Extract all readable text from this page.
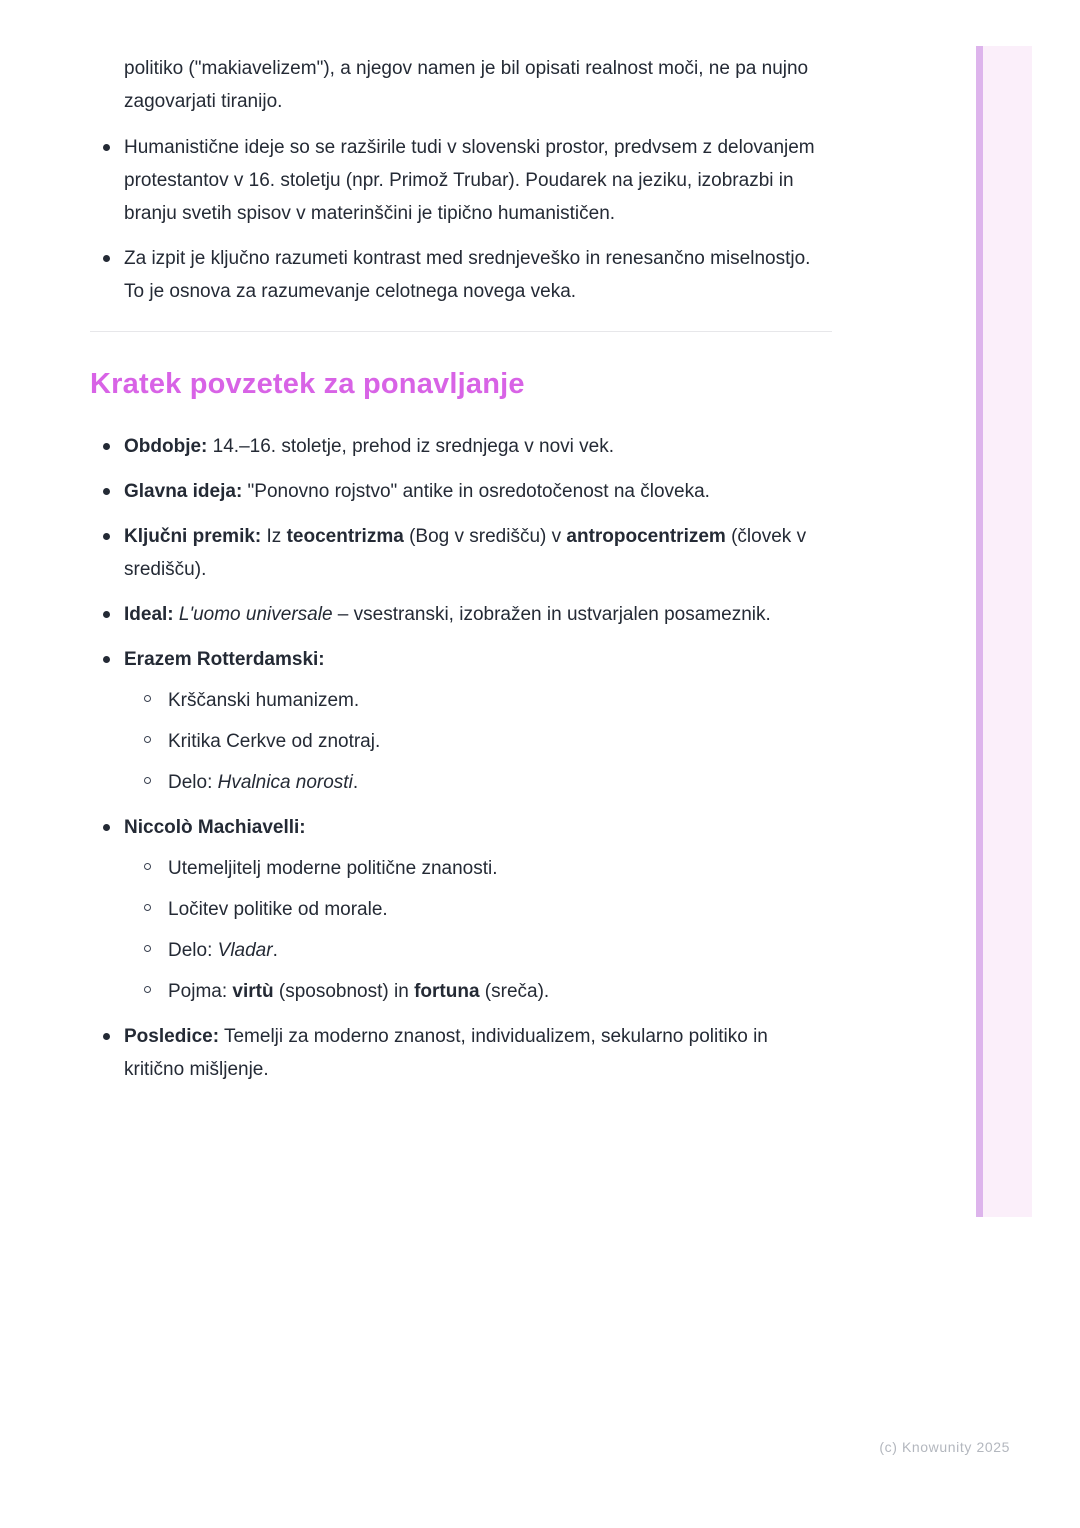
politiko ("makiavelizem"), a njegov namen je bil opisati realnost moči, ne pa nujno zagovarjati tiranijo.

Humanistične ideje so se razširile tudi v slovenski prostor, predvsem z delovanjem protestantov v 16. stoletju (npr. Primož Trubar). Poudarek na jeziku, izobrazbi in branju svetih spisov v materinščini je tipično humanističen.
Za izpit je ključno razumeti kontrast med srednjeveško in renesančno miselnostjo. To je osnova za razumevanje celotnega novega veka.
Kratek povzetek za ponavljanje
Obdobje: 14.–16. stoletje, prehod iz srednjega v novi vek.
Glavna ideja: "Ponovno rojstvo" antike in osredotočenost na človeka.
Ključni premik: Iz teocentrizma (Bog v središču) v antropocentrizem (človek v središču).
Ideal: L'uomo universale – vsestranski, izobražen in ustvarjalen posameznik.
Erazem Rotterdamski:
Krščanski humanizem.
Kritika Cerkve od znotraj.
Delo: Hvalnica norosti.
Niccolò Machiavelli:
Utemeljitelj moderne politične znanosti.
Ločitev politike od morale.
Delo: Vladar.
Pojma: virtù (sposobnost) in fortuna (sreča).
Posledice: Temelji za moderno znanost, individualizem, sekularno politiko in kritično mišljenje.
(c) Knowunity 2025
